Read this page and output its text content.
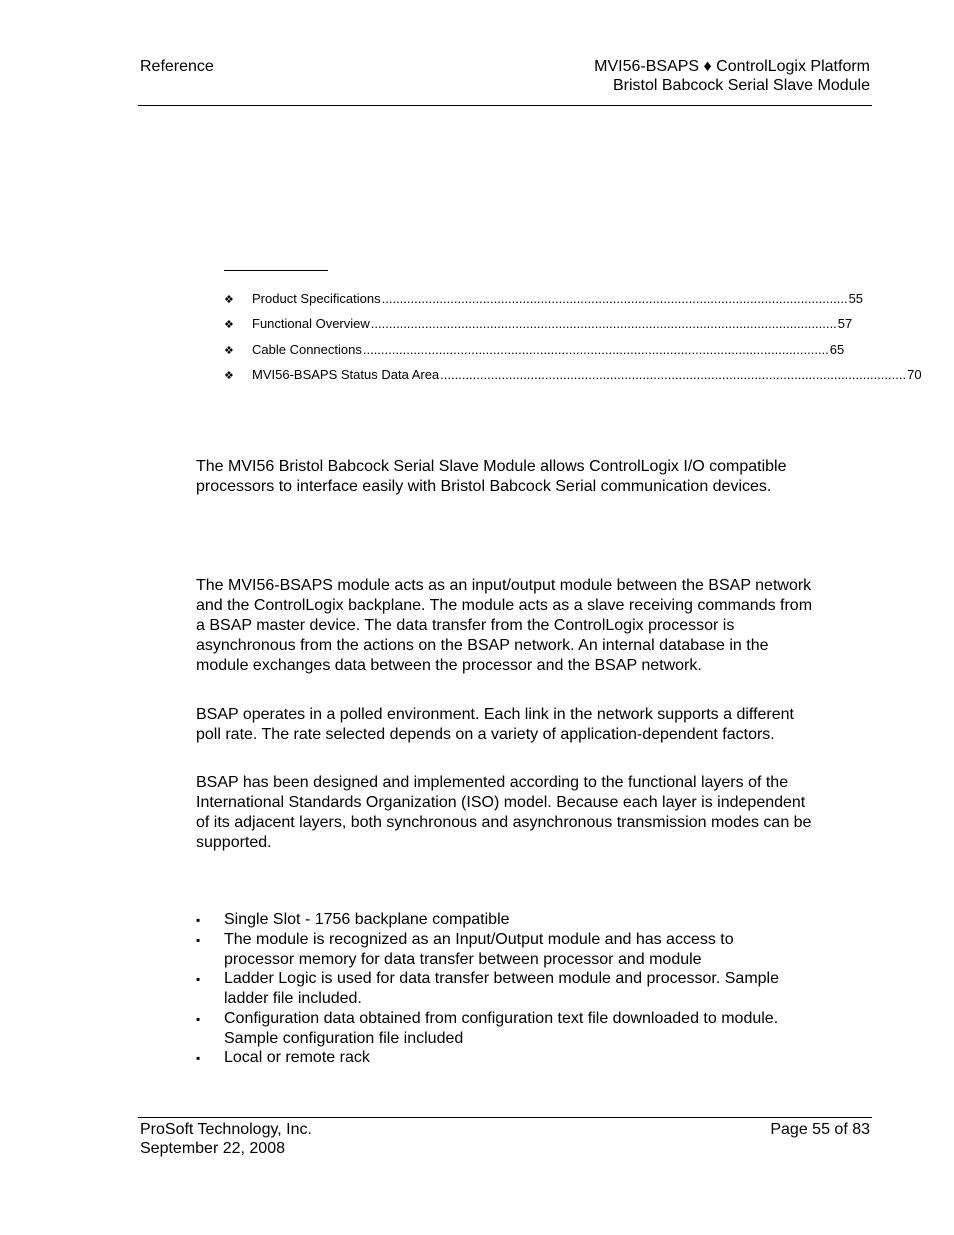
Reference	MVI56-BSAPS ♦ ControlLogix Platform
Bristol Babcock Serial Slave Module
❖	Product Specifications ................................................................................................................................. 55
❖	Functional Overview ................................................................................................................................. 57
❖	Cable Connections ................................................................................................................................. 65
❖	MVI56-BSAPS Status Data Area ................................................................................................................................. 70

The MVI56 Bristol Babcock Serial Slave Module allows ControlLogix I/O compatible processors to interface easily with Bristol Babcock Serial communication devices.

The MVI56-BSAPS module acts as an input/output module between the BSAP network and the ControlLogix backplane. The module acts as a slave receiving commands from a BSAP master device. The data transfer from the ControlLogix processor is asynchronous from the actions on the BSAP network. An internal database in the module exchanges data between the processor and the BSAP network.

BSAP operates in a polled environment. Each link in the network supports a different poll rate. The rate selected depends on a variety of application-dependent factors.

BSAP has been designed and implemented according to the functional layers of the International Standards Organization (ISO) model. Because each layer is independent of its adjacent layers, both synchronous and asynchronous transmission modes can be supported.

▪ Single Slot - 1756 backplane compatible
▪ The module is recognized as an Input/Output module and has access to processor memory for data transfer between processor and module
▪ Ladder Logic is used for data transfer between module and processor. Sample ladder file included.
▪ Configuration data obtained from configuration text file downloaded to module. Sample configuration file included
▪ Local or remote rack
ProSoft Technology, Inc.
September 22, 2008
Page 55 of 83
